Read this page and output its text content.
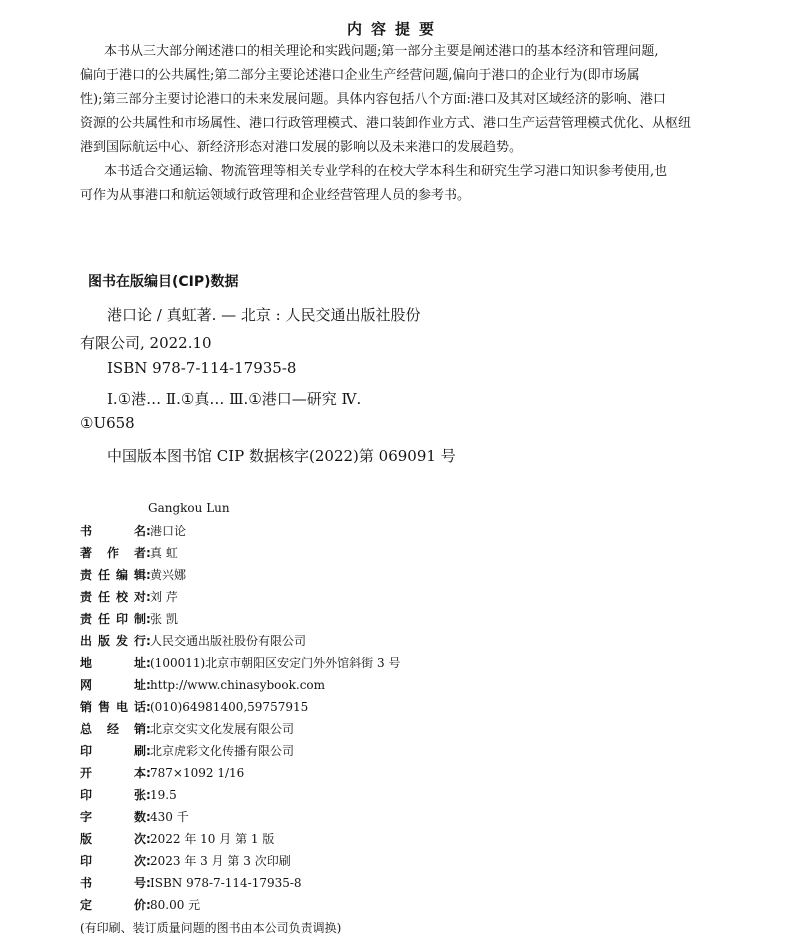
内容提要
本书从三大部分阐述港口的相关理论和实践问题;第一部分主要是阐述港口的基本经济和管理问题,
偏向于港口的公共属性;第二部分主要论述港口企业生产经营问题,偏向于港口的企业行为(即市场属
性);第三部分主要讨论港口的未来发展问题。具体内容包括八个方面:港口及其对区域经济的影响、港口
资源的公共属性和市场属性、港口行政管理模式、港口装卸作业方式、港口生产运营管理模式优化、从枢纽
港到国际航运中心、新经济形态对港口发展的影响以及未来港口的发展趋势。
本书适合交通运输、物流管理等相关专业学科的在校大学本科生和研究生学习港口知识参考使用,也
可作为从事港口和航运领域行政管理和企业经营管理人员的参考书。
图书在版编目(CIP)数据
港口论 / 真虹著. — 北京 : 人民交通出版社股份
有限公司, 2022.10
ISBN 978-7-114-17935-8
Ⅰ.①港… Ⅱ.①真… Ⅲ.①港口—研究 Ⅳ.
①U658
中国版本图书馆 CIP 数据核字(2022)第 069091 号
Gangkou Lun
书名:港口论
著作者:真 虹
责任编辑:黄兴娜
责任校对:刘 芹
责任印制:张 凯
出版发行:人民交通出版社股份有限公司
地址:(100011)北京市朝阳区安定门外外馆斜街 3 号
网址:http://www.chinasybook.com
销售电话:(010)64981400,59757915
总经销:北京交实文化发展有限公司
印刷:北京虎彩文化传播有限公司
开本:787×1092 1/16
印张:19.5
字数:430 千
版次:2022 年 10 月 第 1 版
印次:2023 年 3 月 第 3 次印刷
书号:ISBN 978-7-114-17935-8
定价:80.00 元
(有印刷、装订质量问题的图书由本公司负责调换)
